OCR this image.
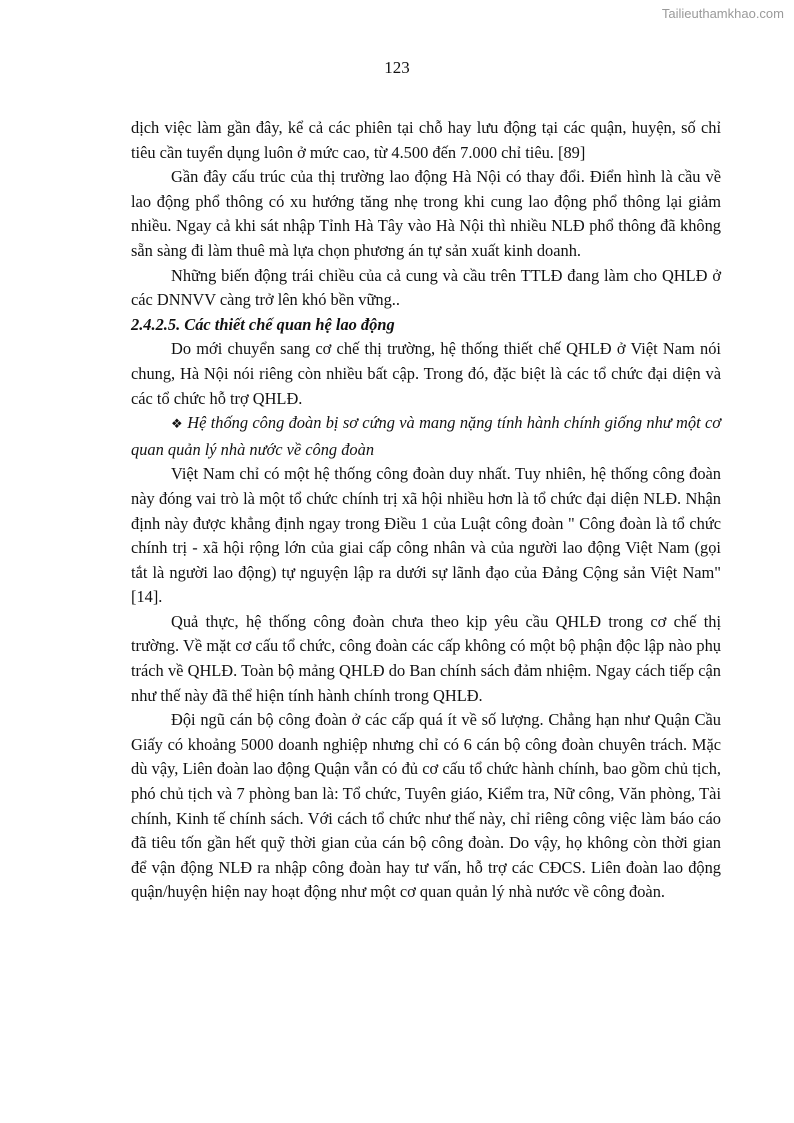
Tailieuthamkhao.com
123

dịch việc làm gần đây, kể cả các phiên tại chỗ hay lưu động tại các quận, huyện, số chỉ tiêu cần tuyển dụng luôn ở mức cao, từ 4.500 đến 7.000 chỉ tiêu. [89]

Gần đây cấu trúc của thị trường lao động Hà Nội có thay đổi. Điển hình là cầu về lao động phổ thông có xu hướng tăng nhẹ trong khi cung lao động phổ thông lại giảm nhiều. Ngay cả khi sát nhập Tỉnh Hà Tây vào Hà Nội thì nhiều NLĐ phổ thông đã không sẵn sàng đi làm thuê mà lựa chọn phương án tự sản xuất kinh doanh.

Những biến động trái chiều của cả cung và cầu trên TTLĐ đang làm cho QHLĐ ở các DNNVV càng trở lên khó bền vững..

2.4.2.5. Các thiết chế quan hệ lao động

Do mới chuyển sang cơ chế thị trường, hệ thống thiết chế QHLĐ ở Việt Nam nói chung, Hà Nội nói riêng còn nhiều bất cập. Trong đó, đặc biệt là các tổ chức đại diện và các tổ chức hỗ trợ QHLĐ.

❖ Hệ thống công đoàn bị sơ cứng và mang nặng tính hành chính giống như một cơ quan quản lý nhà nước về công đoàn

Việt Nam chỉ có một hệ thống công đoàn duy nhất. Tuy nhiên, hệ thống công đoàn này đóng vai trò là một tổ chức chính trị xã hội nhiều hơn là tổ chức đại diện NLĐ. Nhận định này được khẳng định ngay trong Điều 1 của Luật công đoàn " Công đoàn là tổ chức chính trị - xã hội rộng lớn của giai cấp công nhân và của người lao động Việt Nam (gọi tắt là người lao động) tự nguyện lập ra dưới sự lãnh đạo của Đảng Cộng sản Việt Nam"[14].

Quả thực, hệ thống công đoàn chưa theo kịp yêu cầu QHLĐ trong cơ chế thị trường. Về mặt cơ cấu tổ chức, công đoàn các cấp không có một bộ phận độc lập nào phụ trách về QHLĐ. Toàn bộ mảng QHLĐ do Ban chính sách đảm nhiệm. Ngay cách tiếp cận như thế này đã thể hiện tính hành chính trong QHLĐ.

Đội ngũ cán bộ công đoàn ở các cấp quá ít về số lượng. Chẳng hạn như Quận Cầu Giấy có khoảng 5000 doanh nghiệp nhưng chỉ có 6 cán bộ công đoàn chuyên trách. Mặc dù vậy, Liên đoàn lao động Quận vẫn có đủ cơ cấu tổ chức hành chính, bao gồm chủ tịch, phó chủ tịch và 7 phòng ban là: Tổ chức, Tuyên giáo, Kiểm tra, Nữ công, Văn phòng, Tài chính, Kinh tế chính sách. Với cách tổ chức như thế này, chỉ riêng công việc làm báo cáo đã tiêu tốn gần hết quỹ thời gian của cán bộ công đoàn. Do vậy, họ không còn thời gian để vận động NLĐ ra nhập công đoàn hay tư vấn, hỗ trợ các CĐCS. Liên đoàn lao động quận/huyện hiện nay hoạt động như một cơ quan quản lý nhà nước về công đoàn.
